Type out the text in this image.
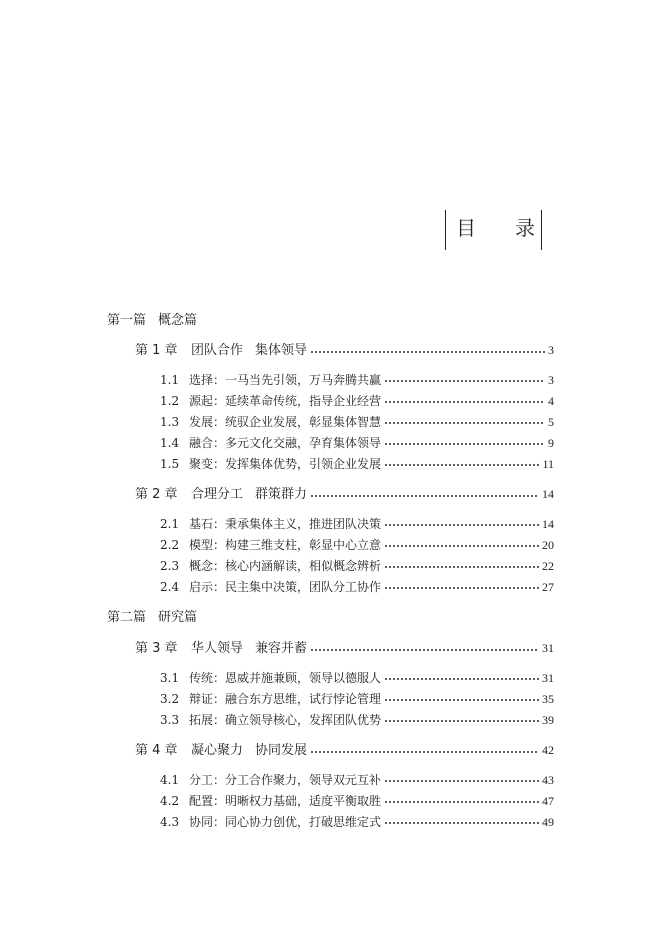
目 录
第一篇 概念篇
第 1 章	团队合作 集体领导	3
1.1 选择：一马当先引领，万马奔腾共赢	3
1.2 源起：延续革命传统，指导企业经营	4
1.3 发展：统驭企业发展，彰显集体智慧	5
1.4 融合：多元文化交融，孕育集体领导	9
1.5 聚变：发挥集体优势，引领企业发展	11
第 2 章	合理分工 群策群力	14
2.1 基石：秉承集体主义，推进团队决策	14
2.2 模型：构建三维支柱，彰显中心立意	20
2.3 概念：核心内涵解读，相似概念辨析	22
2.4 启示：民主集中决策，团队分工协作	27
第二篇 研究篇
第 3 章	华人领导 兼容并蓄	31
3.1 传统：恩威并施兼顾，领导以德服人	31
3.2 辩证：融合东方思维，试行悖论管理	35
3.3 拓展：确立领导核心，发挥团队优势	39
第 4 章	凝心聚力 协同发展	42
4.1 分工：分工合作聚力，领导双元互补	43
4.2 配置：明晰权力基础，适度平衡取胜	47
4.3 协同：同心协力创优，打破思维定式	49
